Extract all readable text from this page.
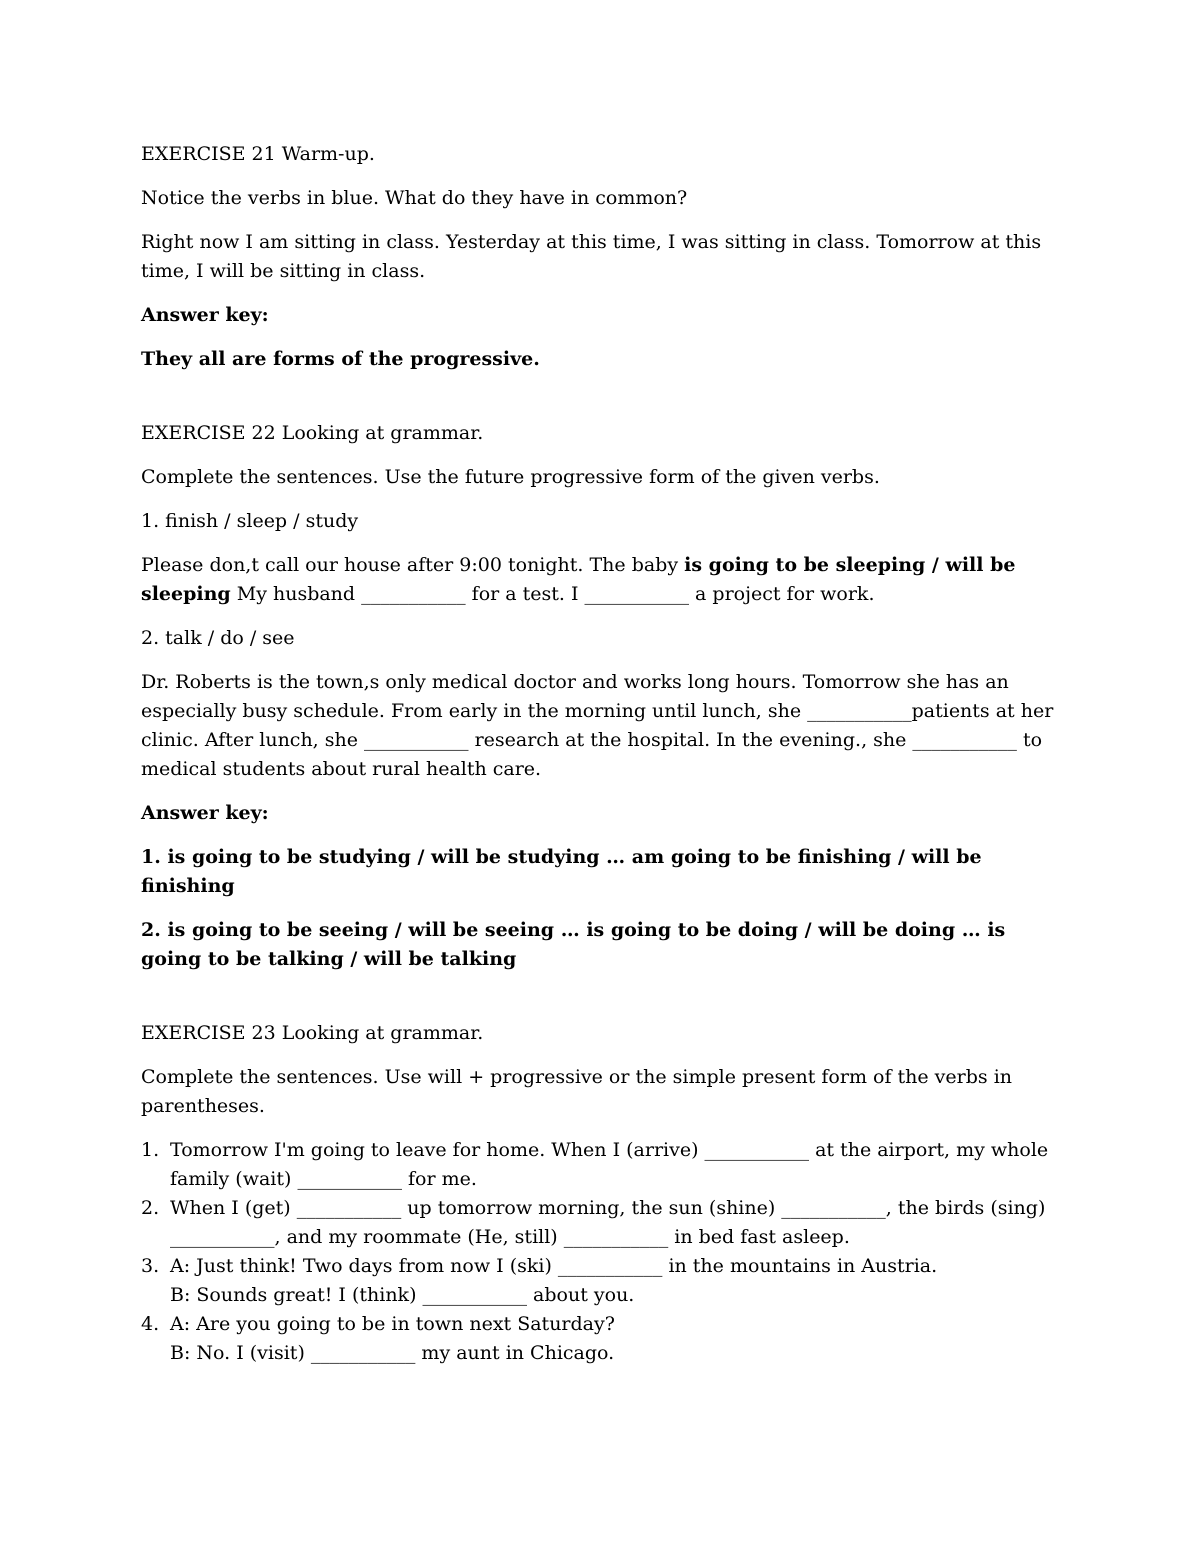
EXERCISE 21 Warm-up.

Notice the verbs in blue. What do they have in common?

Right now I am sitting in class. Yesterday at this time, I was sitting in class. Tomorrow at this time, I will be sitting in class.

Answer key:

They all are forms of the progressive.

EXERCISE 22 Looking at grammar.

Complete the sentences. Use the future progressive form of the given verbs.

1. finish / sleep / study

Please don,t call our house after 9:00 tonight. The baby is going to be sleeping / will be sleeping My husband ___________ for a test. I ___________ a project for work.

2. talk / do / see

Dr. Roberts is the town,s only medical doctor and works long hours. Tomorrow she has an especially busy schedule. From early in the morning until lunch, she ___________patients at her clinic. After lunch, she ___________ research at the hospital. In the evening., she ___________ to medical students about rural health care.

Answer key:

1. is going to be studying / will be studying … am going to be finishing / will be finishing

2. is going to be seeing / will be seeing … is going to be doing / will be doing … is going to be talking / will be talking

EXERCISE 23 Looking at grammar.

Complete the sentences. Use will + progressive or the simple present form of the verbs in parentheses.

1. Tomorrow I'm going to leave for home. When I (arrive) ___________ at the airport, my whole family (wait) ___________ for me.
2. When I (get) ___________ up tomorrow morning, the sun (shine) ___________, the birds (sing) ___________, and my roommate (He, still) ___________ in bed fast asleep.
3. A: Just think! Two days from now I (ski) ___________ in the mountains in Austria.
B: Sounds great! I (think) ___________ about you.
4. A: Are you going to be in town next Saturday?
B: No. I (visit) ___________ my aunt in Chicago.
